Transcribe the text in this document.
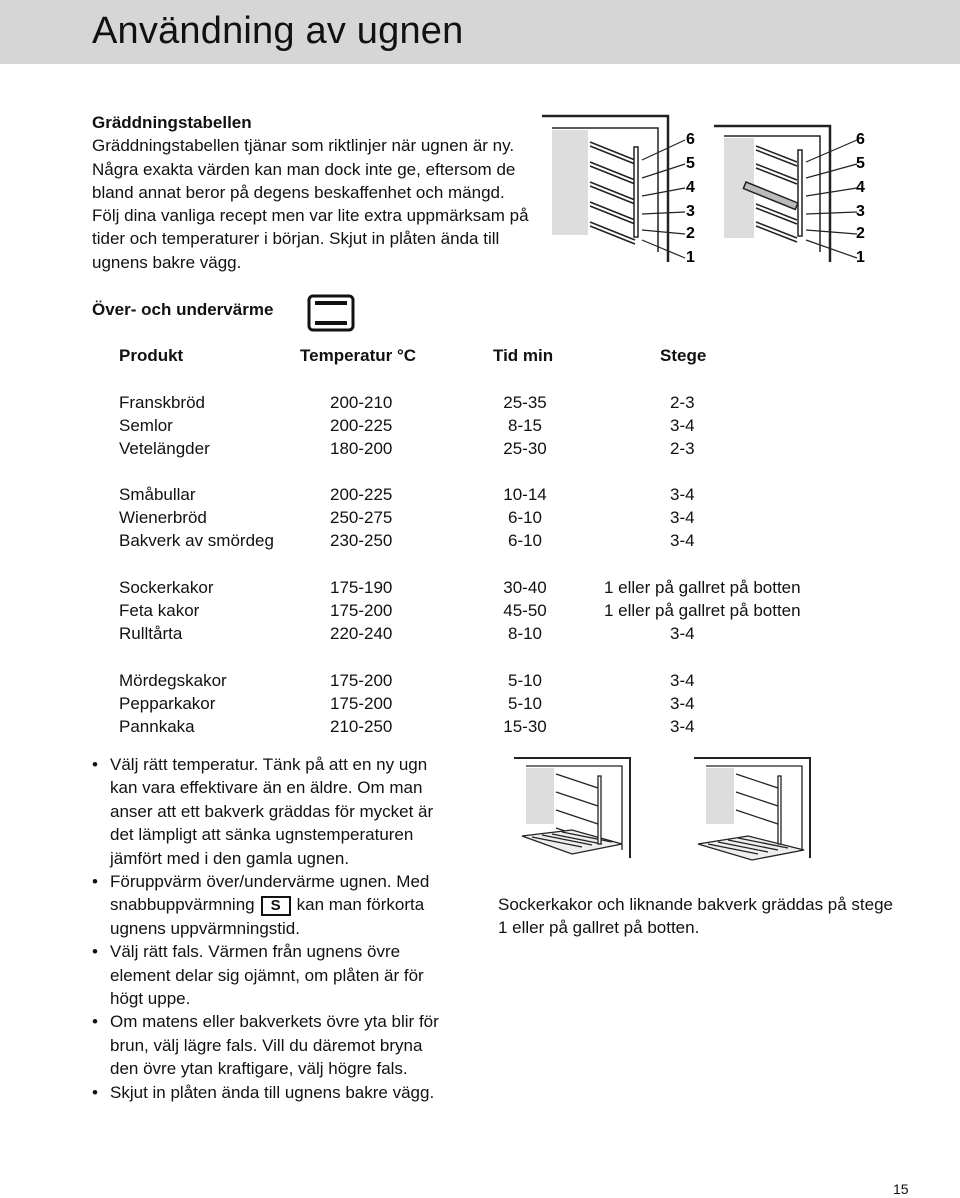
Användning av ugnen
Gräddningstabellen
Gräddningstabellen tjänar som riktlinjer när ugnen är ny. Några exakta värden kan man dock inte ge, eftersom de bland annat beror på degens beskaffenhet och mängd. Följ dina vanliga recept men var lite extra uppmärksam på tider och temperaturer i början. Skjut in plåten ända till ugnens bakre vägg.
6
5
4
3
2
1
6
5
4
3
2
1
Över- och undervärme
Produkt	Temperatur °C	Tid min	Stege
Franskbröd	200-210	25-35	2-3
Semlor	200-225	8-15	3-4
Vetelängder	180-200	25-30	2-3
Småbullar	200-225	10-14	3-4
Wienerbröd	250-275	6-10	3-4
Bakverk av smördeg	230-250	6-10	3-4
Sockerkakor	175-190	30-40	1 eller på gallret på botten
Feta kakor	175-200	45-50	1 eller på gallret på botten
Rulltårta	220-240	8-10	3-4
Mördegskakor	175-200	5-10	3-4
Pepparkakor	175-200	5-10	3-4
Pannkaka	210-250	15-30	3-4
• Välj rätt temperatur. Tänk på att en ny ugn kan vara effektivare än en äldre. Om man anser att ett bakverk gräddas för mycket är det lämpligt att sänka ugnstemperaturen jämfört med i den gamla ugnen.
• Föruppvärm över/undervärme ugnen. Med snabbuppvärmning S kan man förkorta ugnens uppvärmningstid.
• Välj rätt fals. Värmen från ugnens övre element delar sig ojämnt, om plåten är för högt uppe.
• Om matens eller bakverkets övre yta blir för brun, välj lägre fals. Vill du däremot bryna den övre ytan kraftigare, välj högre fals.
• Skjut in plåten ända till ugnens bakre vägg.
Sockerkakor och liknande bakverk gräddas på stege 1 eller på gallret på botten.
15
